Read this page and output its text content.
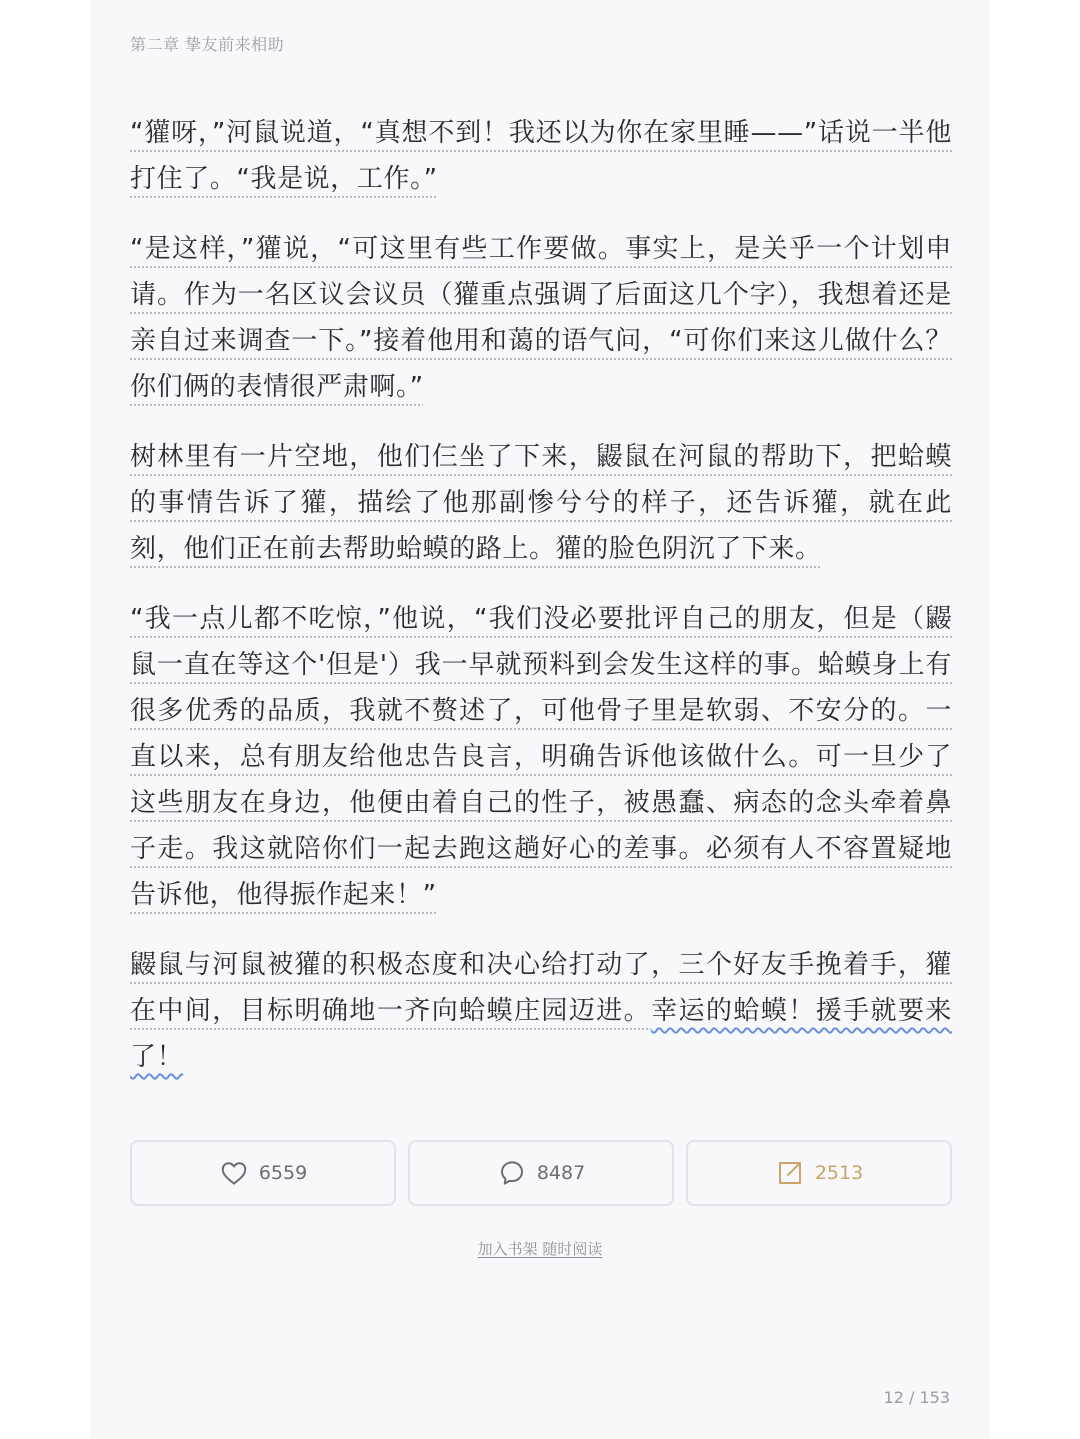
第二章 挚友前来相助

“獾呀，”河鼠说道，“真想不到！我还以为你在家里睡——”话说一半他打住了。“我是说，工作。”

“是这样，”獾说，“可这里有些工作要做。事实上，是关乎一个计划申请。作为一名区议会议员（獾重点强调了后面这几个字），我想着还是亲自过来调查一下。”接着他用和蔼的语气问，“可你们来这儿做什么？你们俩的表情很严肃啊。”

树林里有一片空地，他们仨坐了下来，鼹鼠在河鼠的帮助下，把蛤蟆的事情告诉了獾，描绘了他那副惨兮兮的样子，还告诉獾，就在此刻，他们正在前去帮助蛤蟆的路上。獾的脸色阴沉了下来。

“我一点儿都不吃惊，”他说，“我们没必要批评自己的朋友，但是（鼹鼠一直在等这个'但是'）我一早就预料到会发生这样的事。蛤蟆身上有很多优秀的品质，我就不赘述了，可他骨子里是软弱、不安分的。一直以来，总有朋友给他忠告良言，明确告诉他该做什么。可一旦少了这些朋友在身边，他便由着自己的性子，被愚蠢、病态的念头牵着鼻子走。我这就陪你们一起去跑这趟好心的差事。必须有人不容置疑地告诉他，他得振作起来！”

鼹鼠与河鼠被獾的积极态度和决心给打动了，三个好友手挽着手，獾在中间，目标明确地一齐向蛤蟆庄园迈进。幸运的蛤蟆！援手就要来了！

6559	8487	2513
加入书架 随时阅读
12 / 153
